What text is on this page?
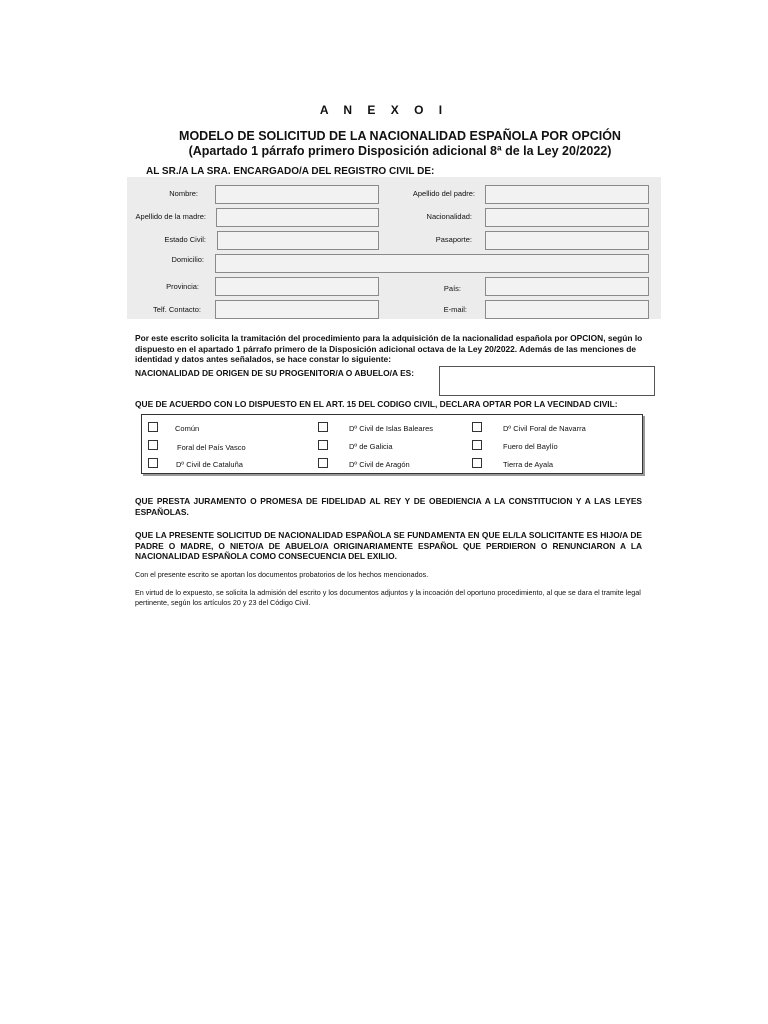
A N E X O I
MODELO DE SOLICITUD DE LA NACIONALIDAD ESPAÑOLA POR OPCIÓN
(Apartado 1 párrafo primero Disposición adicional 8ª de la Ley 20/2022)
AL SR./A LA SRA. ENCARGADO/A DEL REGISTRO CIVIL DE:
Nombre:	Apellido del padre:
Apellido de la madre:	Nacionalidad:
Estado Civil:	Pasaporte:
Domicilio:
Provincia:	País:
Telf. Contacto:	E-mail:
Por este escrito solicita la tramitación del procedimiento para la adquisición de la nacionalidad española por OPCION, según lo dispuesto en el apartado 1 párrafo primero de la Disposición adicional octava de la Ley 20/2022. Además de las menciones de identidad y datos antes señalados, se hace constar lo siguiente:
NACIONALIDAD DE ORIGEN DE SU PROGENITOR/A O ABUELO/A ES:
QUE DE ACUERDO CON LO DISPUESTO EN EL ART. 15 DEL CODIGO CIVIL, DECLARA OPTAR POR LA VECINDAD CIVIL:
Común	Dº Civil de Islas Baleares	Dº Civil Foral de Navarra
Foral del País Vasco	Dº de Galicia	Fuero del Baylío
Dº Civil de Cataluña	Dº Civil de Aragón	Tierra de Ayala
QUE PRESTA JURAMENTO O PROMESA DE FIDELIDAD AL REY Y DE OBEDIENCIA A LA CONSTITUCION Y A LAS LEYES ESPAÑOLAS.
QUE LA PRESENTE SOLICITUD DE NACIONALIDAD ESPAÑOLA SE FUNDAMENTA EN QUE EL/LA SOLICITANTE ES HIJO/A DE PADRE O MADRE, O NIETO/A DE ABUELO/A ORIGINARIAMENTE ESPAÑOL QUE PERDIERON O RENUNCIARON A LA NACIONALIDAD ESPAÑOLA COMO CONSECUENCIA DEL EXILIO.
Con el presente escrito se aportan los documentos probatorios de los hechos mencionados.
En virtud de lo expuesto, se solicita la admisión del escrito y los documentos adjuntos y la incoación del oportuno procedimiento, al que se dara el tramite legal pertinente, según los artículos 20 y 23 del Código Civil.
